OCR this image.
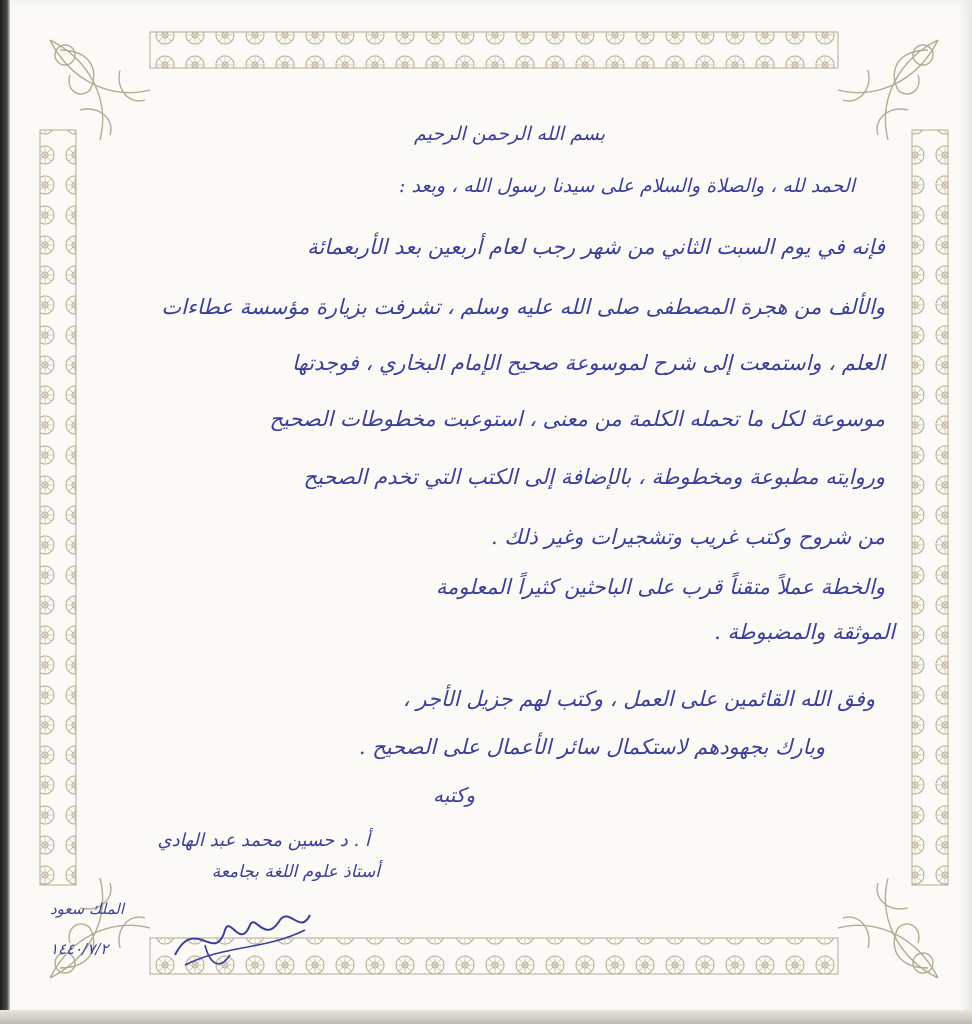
بسم الله الرحمن الرحيم
الحمد لله ، والصلاة والسلام على سيدنا رسول الله ، وبعد :
فإنه في يوم السبت الثاني من شهر رجب لعام أربعين بعد الأربعمائة
والألف من هجرة المصطفى صلى الله عليه وسلم ، تشرفت بزيارة مؤسسة عطاءات
العلم ، واستمعت إلى شرح لموسوعة صحيح الإمام البخاري ، فوجدتها
موسوعة لكل ما تحمله الكلمة من معنى ، استوعبت مخطوطات الصحيح
وروايته مطبوعة ومخطوطة ، بالإضافة إلى الكتب التي تخدم الصحيح
من شروح وكتب غريب وتشجيرات وغير ذلك .
والخطة عملاً متقناً قرب على الباحثين كثيراً المعلومة
الموثقة والمضبوطة .
وفق الله القائمين على العمل ، وكتب لهم جزيل الأجر ،
وبارك بجهودهم لاستكمال سائر الأعمال على الصحيح .
وكتبه
أ . د حسين محمد عبد الهادي
أستاذ علوم اللغة بجامعة
الملك سعود
١٤٤٠/٧/٢
